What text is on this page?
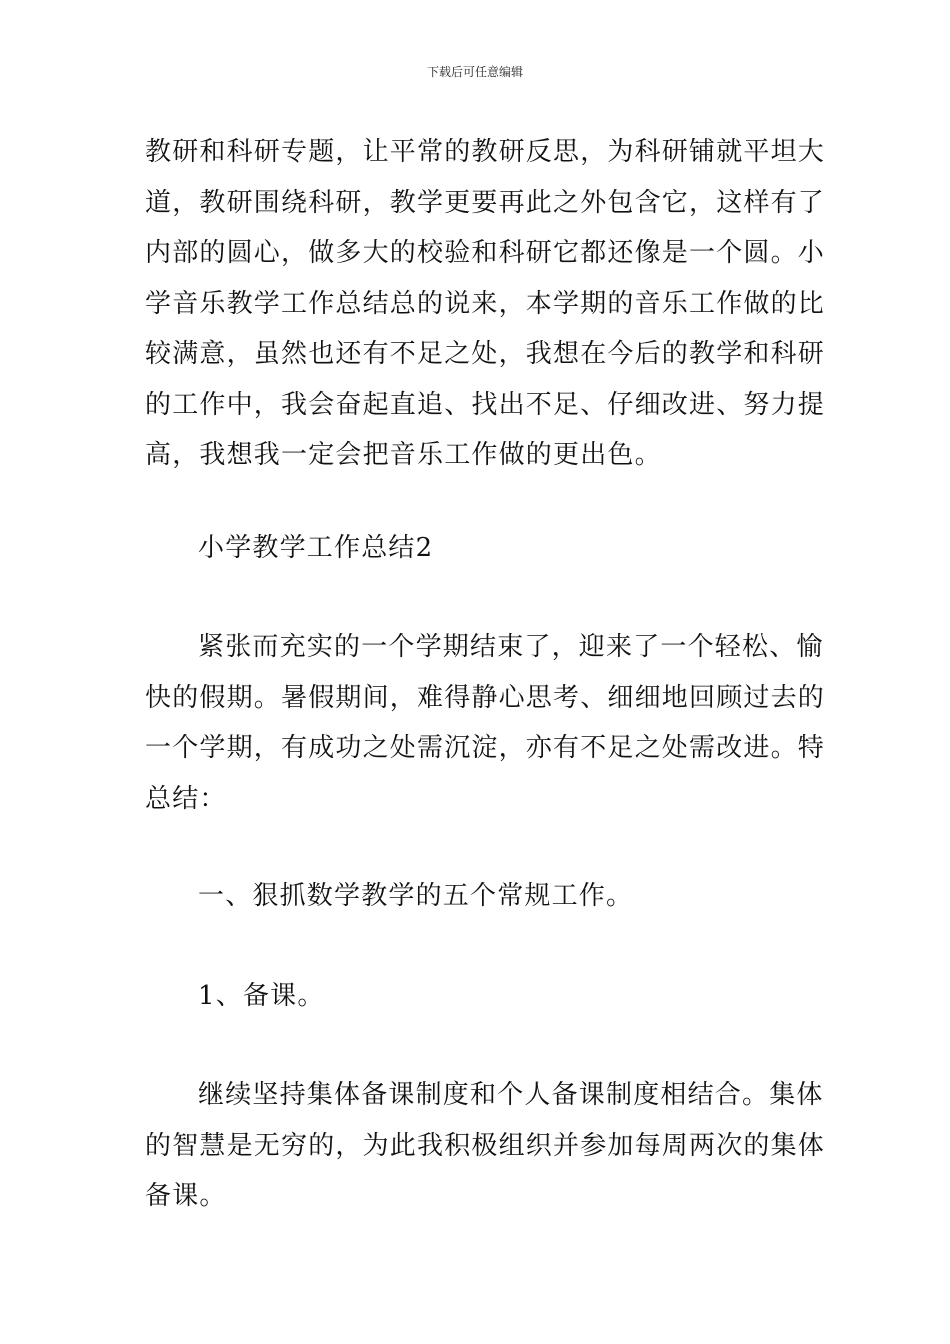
下载后可任意编辑
教研和科研专题，让平常的教研反思，为科研铺就平坦大
道，教研围绕科研，教学更要再此之外包含它，这样有了
内部的圆心，做多大的校验和科研它都还像是一个圆。小
学音乐教学工作总结总的说来，本学期的音乐工作做的比
较满意，虽然也还有不足之处，我想在今后的教学和科研
的工作中，我会奋起直追、找出不足、仔细改进、努力提
高，我想我一定会把音乐工作做的更出色。
小学教学工作总结2
紧张而充实的一个学期结束了，迎来了一个轻松、愉
快的假期。暑假期间，难得静心思考、细细地回顾过去的
一个学期，有成功之处需沉淀，亦有不足之处需改进。特
总结：
一、狠抓数学教学的五个常规工作。
1、备课。
继续坚持集体备课制度和个人备课制度相结合。集体
的智慧是无穷的，为此我积极组织并参加每周两次的集体
备课。
